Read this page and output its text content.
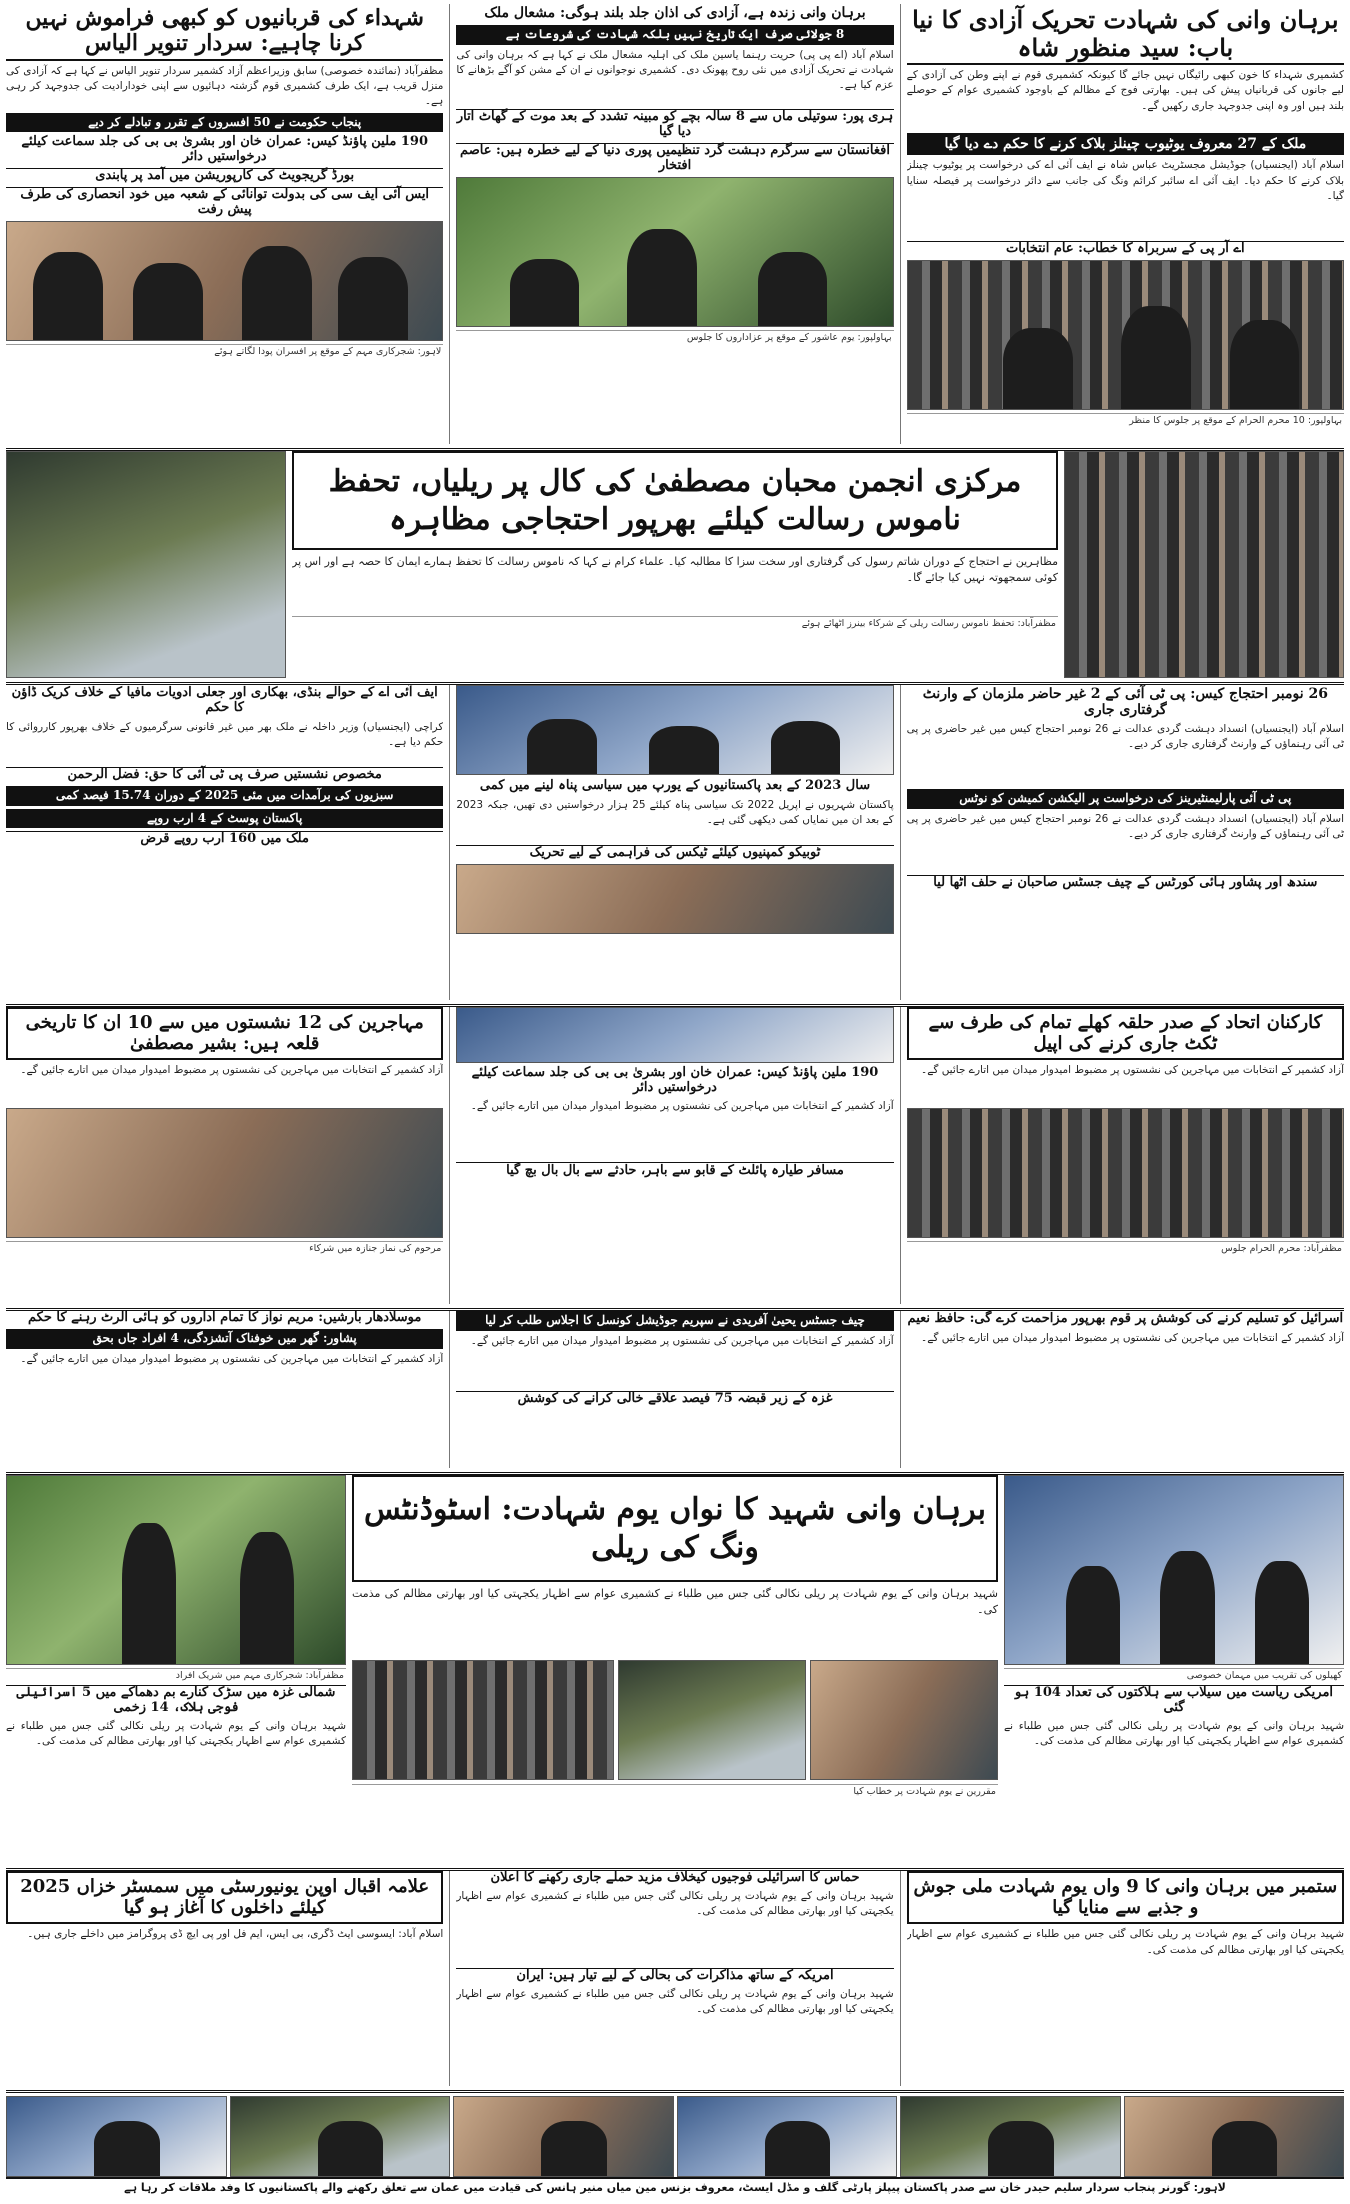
برہان وانی کی شہادت تحریک آزادی کا نیا باب: سید منظور شاہ
کشمیری شہداء کا خون کبھی رائیگاں نہیں جائے گا کیونکہ کشمیری قوم نے اپنے وطن کی آزادی کے لیے جانوں کی قربانیاں پیش کی ہیں۔ بھارتی فوج کے مظالم کے باوجود کشمیری عوام کے حوصلے بلند ہیں اور وہ اپنی جدوجہد جاری رکھیں گے۔
ملک کے 27 معروف یوٹیوب چینلز بلاک کرنے کا حکم دے دیا گیا
اسلام آباد (ایجنسیاں) جوڈیشل مجسٹریٹ عباس شاہ نے ایف آئی اے کی درخواست پر یوٹیوب چینلز بلاک کرنے کا حکم دیا۔ ایف آئی اے سائبر کرائم ونگ کی جانب سے دائر درخواست پر فیصلہ سنایا گیا۔
اے آر پی کے سربراہ کا خطاب: عام انتخابات
بہاولپور: 10 محرم الحرام کے موقع پر جلوس کا منظر
برہان وانی زندہ ہے، آزادی کی اذان جلد بلند ہوگی: مشعال ملک
8 جولائی صرف ایک تاریخ نہیں بلکہ شہادت کی شروعات ہے
اسلام آباد (اے پی پی) حریت رہنما یاسین ملک کی اہلیہ مشعال ملک نے کہا ہے کہ برہان وانی کی شہادت نے تحریک آزادی میں نئی روح پھونک دی۔ کشمیری نوجوانوں نے ان کے مشن کو آگے بڑھانے کا عزم کیا ہے۔
ہری پور: سوتیلی ماں سے 8 سالہ بچے کو مبینہ تشدد کے بعد موت کے گھاٹ اتار دیا گیا
افغانستان سے سرگرم دہشت گرد تنظیمیں پوری دنیا کے لیے خطرہ ہیں: عاصم افتخار
بہاولپور: یوم عاشور کے موقع پر عزاداروں کا جلوس
شہداء کی قربانیوں کو کبھی فراموش نہیں کرنا چاہیے: سردار تنویر الیاس
مظفرآباد (نمائندہ خصوصی) سابق وزیراعظم آزاد کشمیر سردار تنویر الیاس نے کہا ہے کہ آزادی کی منزل قریب ہے، ایک طرف کشمیری قوم گزشتہ دہائیوں سے اپنی خودارادیت کی جدوجہد کر رہی ہے۔
پنجاب حکومت نے 50 افسروں کے تقرر و تبادلے کر دیے
190 ملین پاؤنڈ کیس: عمران خان اور بشریٰ بی بی کی جلد سماعت کیلئے درخواستیں دائر
بورڈ گریجویٹ کی کارپوریشن میں آمد پر پابندی
ایس آئی ایف سی کی بدولت توانائی کے شعبہ میں خود انحصاری کی طرف پیش رفت
لاہور: شجرکاری مہم کے موقع پر افسران پودا لگاتے ہوئے
مرکزی انجمن محبان مصطفیٰ کی کال پر ریلیاں، تحفظ ناموس رسالت کیلئے بھرپور احتجاجی مظاہرہ
مظاہرین نے احتجاج کے دوران شاتم رسول کی گرفتاری اور سخت سزا کا مطالبہ کیا۔ علماء کرام نے کہا کہ ناموس رسالت کا تحفظ ہمارے ایمان کا حصہ ہے اور اس پر کوئی سمجھوتہ نہیں کیا جائے گا۔
مظفرآباد: تحفظ ناموس رسالت ریلی کے شرکاء بینرز اٹھائے ہوئے
26 نومبر احتجاج کیس: پی ٹی آئی کے 2 غیر حاضر ملزمان کے وارنٹ گرفتاری جاری
اسلام آباد (ایجنسیاں) انسداد دہشت گردی عدالت نے 26 نومبر احتجاج کیس میں غیر حاضری پر پی ٹی آئی رہنماؤں کے وارنٹ گرفتاری جاری کر دیے۔
پی ٹی آئی پارلیمنٹیرینز کی درخواست پر الیکشن کمیشن کو نوٹس
اسلام آباد (ایجنسیاں) انسداد دہشت گردی عدالت نے 26 نومبر احتجاج کیس میں غیر حاضری پر پی ٹی آئی رہنماؤں کے وارنٹ گرفتاری جاری کر دیے۔
سندھ اور پشاور ہائی کورٹس کے چیف جسٹس صاحبان نے حلف اٹھا لیا
سال 2023 کے بعد پاکستانیوں کے یورپ میں سیاسی پناہ لینے میں کمی
پاکستان شہریوں نے اپریل 2022 تک سیاسی پناہ کیلئے 25 ہزار درخواستیں دی تھیں، جبکہ 2023 کے بعد ان میں نمایاں کمی دیکھی گئی ہے۔
ٹوبیکو کمپنیوں کیلئے ٹیکس کی فراہمی کے لیے تحریک
ایف آئی اے کے حوالے بنڈی، بھکاری اور جعلی ادویات مافیا کے خلاف کریک ڈاؤن کا حکم
کراچی (ایجنسیاں) وزیر داخلہ نے ملک بھر میں غیر قانونی سرگرمیوں کے خلاف بھرپور کارروائی کا حکم دیا ہے۔
مخصوص نشستیں صرف پی ٹی آئی کا حق: فضل الرحمن
سبزیوں کی برآمدات میں مئی 2025 کے دوران 15.74 فیصد کمی
پاکستان پوسٹ کے 4 ارب روپے
ملک میں 160 ارب روپے قرض
کارکنان اتحاد کے صدر حلقہ کھلے تمام کی طرف سے ٹکٹ جاری کرنے کی اپیل
آزاد کشمیر کے انتخابات میں مہاجرین کی نشستوں پر مضبوط امیدوار میدان میں اتارے جائیں گے۔
مظفرآباد: محرم الحرام جلوس
190 ملین پاؤنڈ کیس: عمران خان اور بشریٰ بی بی کی جلد سماعت کیلئے درخواستیں دائر
آزاد کشمیر کے انتخابات میں مہاجرین کی نشستوں پر مضبوط امیدوار میدان میں اتارے جائیں گے۔
مسافر طیارہ پائلٹ کے قابو سے باہر، حادثے سے بال بال بچ گیا
مہاجرین کی 12 نشستوں میں سے 10 ان کا تاریخی قلعہ ہیں: بشیر مصطفیٰ
آزاد کشمیر کے انتخابات میں مہاجرین کی نشستوں پر مضبوط امیدوار میدان میں اتارے جائیں گے۔
مرحوم کی نماز جنازہ میں شرکاء
اسرائیل کو تسلیم کرنے کی کوشش پر قوم بھرپور مزاحمت کرے گی: حافظ نعیم
آزاد کشمیر کے انتخابات میں مہاجرین کی نشستوں پر مضبوط امیدوار میدان میں اتارے جائیں گے۔
چیف جسٹس یحییٰ آفریدی نے سپریم جوڈیشل کونسل کا اجلاس طلب کر لیا
آزاد کشمیر کے انتخابات میں مہاجرین کی نشستوں پر مضبوط امیدوار میدان میں اتارے جائیں گے۔
غزہ کے زیر قبضہ 75 فیصد علاقے خالی کرانے کی کوشش
موسلادھار بارشیں: مریم نواز کا تمام اداروں کو ہائی الرٹ رہنے کا حکم
پشاور: گھر میں خوفناک آتشزدگی، 4 افراد جاں بحق
آزاد کشمیر کے انتخابات میں مہاجرین کی نشستوں پر مضبوط امیدوار میدان میں اتارے جائیں گے۔
کھیلوں کی تقریب میں مہمان خصوصی
امریکی ریاست میں سیلاب سے ہلاکتوں کی تعداد 104 ہو گئی
شہید برہان وانی کے یوم شہادت پر ریلی نکالی گئی جس میں طلباء نے کشمیری عوام سے اظہار یکجہتی کیا اور بھارتی مظالم کی مذمت کی۔
برہان وانی شہید کا نواں یوم شہادت: اسٹوڈنٹس ونگ کی ریلی
شہید برہان وانی کے یوم شہادت پر ریلی نکالی گئی جس میں طلباء نے کشمیری عوام سے اظہار یکجہتی کیا اور بھارتی مظالم کی مذمت کی۔
مقررین نے یوم شہادت پر خطاب کیا
مظفرآباد: شجرکاری مہم میں شریک افراد
شمالی غزہ میں سڑک کنارے بم دھماکے میں 5 اسرائیلی فوجی ہلاک، 14 زخمی
شہید برہان وانی کے یوم شہادت پر ریلی نکالی گئی جس میں طلباء نے کشمیری عوام سے اظہار یکجہتی کیا اور بھارتی مظالم کی مذمت کی۔
ستمبر میں برہان وانی کا 9 واں یوم شہادت ملی جوش و جذبے سے منایا گیا
شہید برہان وانی کے یوم شہادت پر ریلی نکالی گئی جس میں طلباء نے کشمیری عوام سے اظہار یکجہتی کیا اور بھارتی مظالم کی مذمت کی۔
حماس کا اسرائیلی فوجیوں کیخلاف مزید حملے جاری رکھنے کا اعلان
شہید برہان وانی کے یوم شہادت پر ریلی نکالی گئی جس میں طلباء نے کشمیری عوام سے اظہار یکجہتی کیا اور بھارتی مظالم کی مذمت کی۔
امریکہ کے ساتھ مذاکرات کی بحالی کے لیے تیار ہیں: ایران
شہید برہان وانی کے یوم شہادت پر ریلی نکالی گئی جس میں طلباء نے کشمیری عوام سے اظہار یکجہتی کیا اور بھارتی مظالم کی مذمت کی۔
علامہ اقبال اوپن یونیورسٹی میں سمسٹر خزاں 2025 کیلئے داخلوں کا آغاز ہو گیا
اسلام آباد: ایسوسی ایٹ ڈگری، بی ایس، ایم فل اور پی ایچ ڈی پروگرامز میں داخلے جاری ہیں۔
لاہور: گورنر پنجاب سردار سلیم حیدر خان سے صدر پاکستان پیپلز پارٹی گلف و مڈل ایسٹ، معروف بزنس مین میاں منیر ہانس کی قیادت میں عمان سے تعلق رکھنے والے پاکستانیوں کا وفد ملاقات کر رہا ہے
